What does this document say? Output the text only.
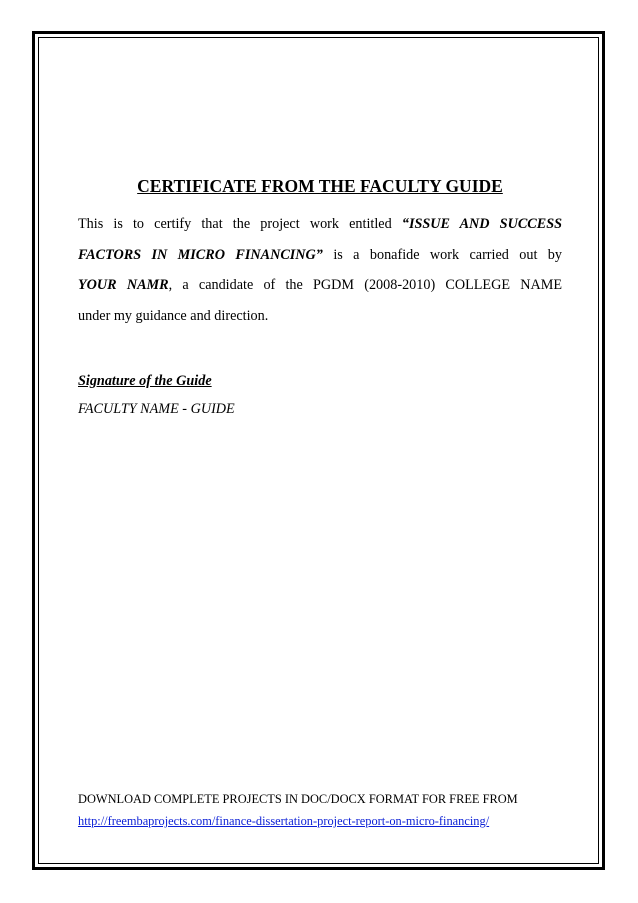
CERTIFICATE FROM THE FACULTY GUIDE

This is to certify that the project work entitled “ISSUE AND SUCCESS
FACTORS IN MICRO FINANCING” is a bonafide work carried out by
YOUR NAMR, a candidate of the PGDM (2008-2010) COLLEGE NAME
under my guidance and direction.

Signature of the Guide

FACULTY NAME - GUIDE

DOWNLOAD COMPLETE PROJECTS IN DOC/DOCX FORMAT FOR FREE FROM

http://freembaprojects.com/finance-dissertation-project-report-on-micro-financing/
